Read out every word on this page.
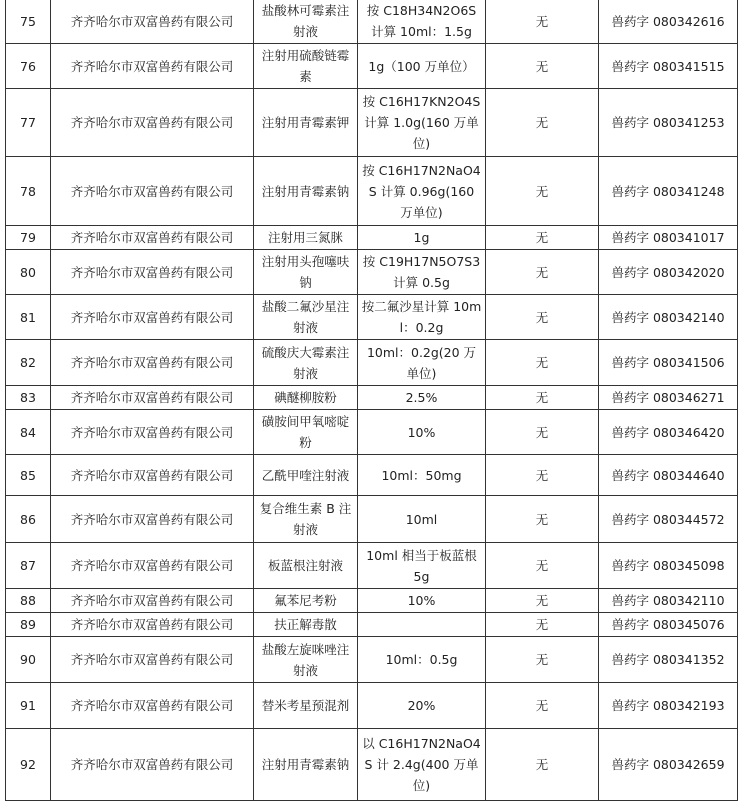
75	齐齐哈尔市双富兽药有限公司	盐酸林可霉素注射液	按 C18H34N2O6S 计算 10ml：1.5g	无	兽药字 080342616
76	齐齐哈尔市双富兽药有限公司	注射用硫酸链霉素	1g（100 万单位）	无	兽药字 080341515
77	齐齐哈尔市双富兽药有限公司	注射用青霉素钾	按 C16H17KN2O4S 计算 1.0g(160 万单位)	无	兽药字 080341253
78	齐齐哈尔市双富兽药有限公司	注射用青霉素钠	按 C16H17N2NaO4S 计算 0.96g(160 万单位)	无	兽药字 080341248
79	齐齐哈尔市双富兽药有限公司	注射用三氮脒	1g	无	兽药字 080341017
80	齐齐哈尔市双富兽药有限公司	注射用头孢噻呋钠	按 C19H17N5O7S3 计算 0.5g	无	兽药字 080342020
81	齐齐哈尔市双富兽药有限公司	盐酸二氟沙星注射液	按二氟沙星计算 10ml：0.2g	无	兽药字 080342140
82	齐齐哈尔市双富兽药有限公司	硫酸庆大霉素注射液	10ml：0.2g(20 万单位)	无	兽药字 080341506
83	齐齐哈尔市双富兽药有限公司	碘醚柳胺粉	2.5%	无	兽药字 080346271
84	齐齐哈尔市双富兽药有限公司	磺胺间甲氧嘧啶粉	10%	无	兽药字 080346420
85	齐齐哈尔市双富兽药有限公司	乙酰甲喹注射液	10ml：50mg	无	兽药字 080344640
86	齐齐哈尔市双富兽药有限公司	复合维生素 B 注射液	10ml	无	兽药字 080344572
87	齐齐哈尔市双富兽药有限公司	板蓝根注射液	10ml 相当于板蓝根 5g	无	兽药字 080345098
88	齐齐哈尔市双富兽药有限公司	氟苯尼考粉	10%	无	兽药字 080342110
89	齐齐哈尔市双富兽药有限公司	扶正解毒散		无	兽药字 080345076
90	齐齐哈尔市双富兽药有限公司	盐酸左旋咪唑注射液	10ml：0.5g	无	兽药字 080341352
91	齐齐哈尔市双富兽药有限公司	替米考星预混剂	20%	无	兽药字 080342193
92	齐齐哈尔市双富兽药有限公司	注射用青霉素钠	以 C16H17N2NaO4S 计 2.4g(400 万单位)	无	兽药字 080342659
